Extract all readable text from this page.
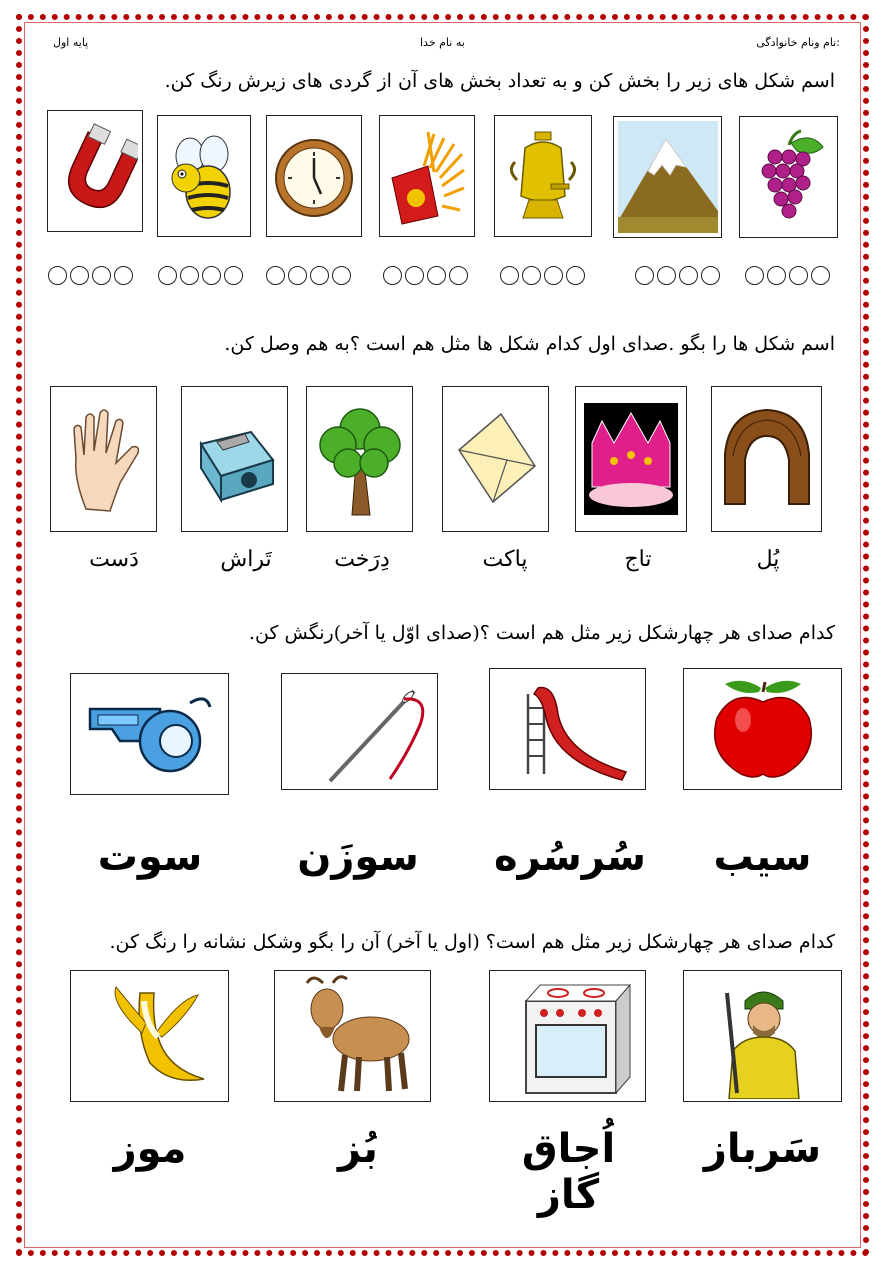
نام ونام خانوادگی:
به نام خدا
پایه اول
اسم شکل های زیر را بخش کن و به تعداد بخش های آن از گردی های زیرش رنگ کن.
اسم شکل ها را بگو .صدای اول کدام شکل ها مثل هم است ؟به هم وصل کن.
پُل
تاج
پاکت
دِرَخت
تَراش
دَست
کدام صدای هر چهارشکل زیر مثل هم است ؟(صدای اوّل یا آخر)رنگش کن.
سیب
سُرسُره
سوزَن
سوت
کدام صدای هر چهارشکل زیر مثل هم است؟ (اول یا آخر) آن را بگو وشکل نشانه را رنگ کن.
سَرباز
اُجاق گاز
بُز
موز
